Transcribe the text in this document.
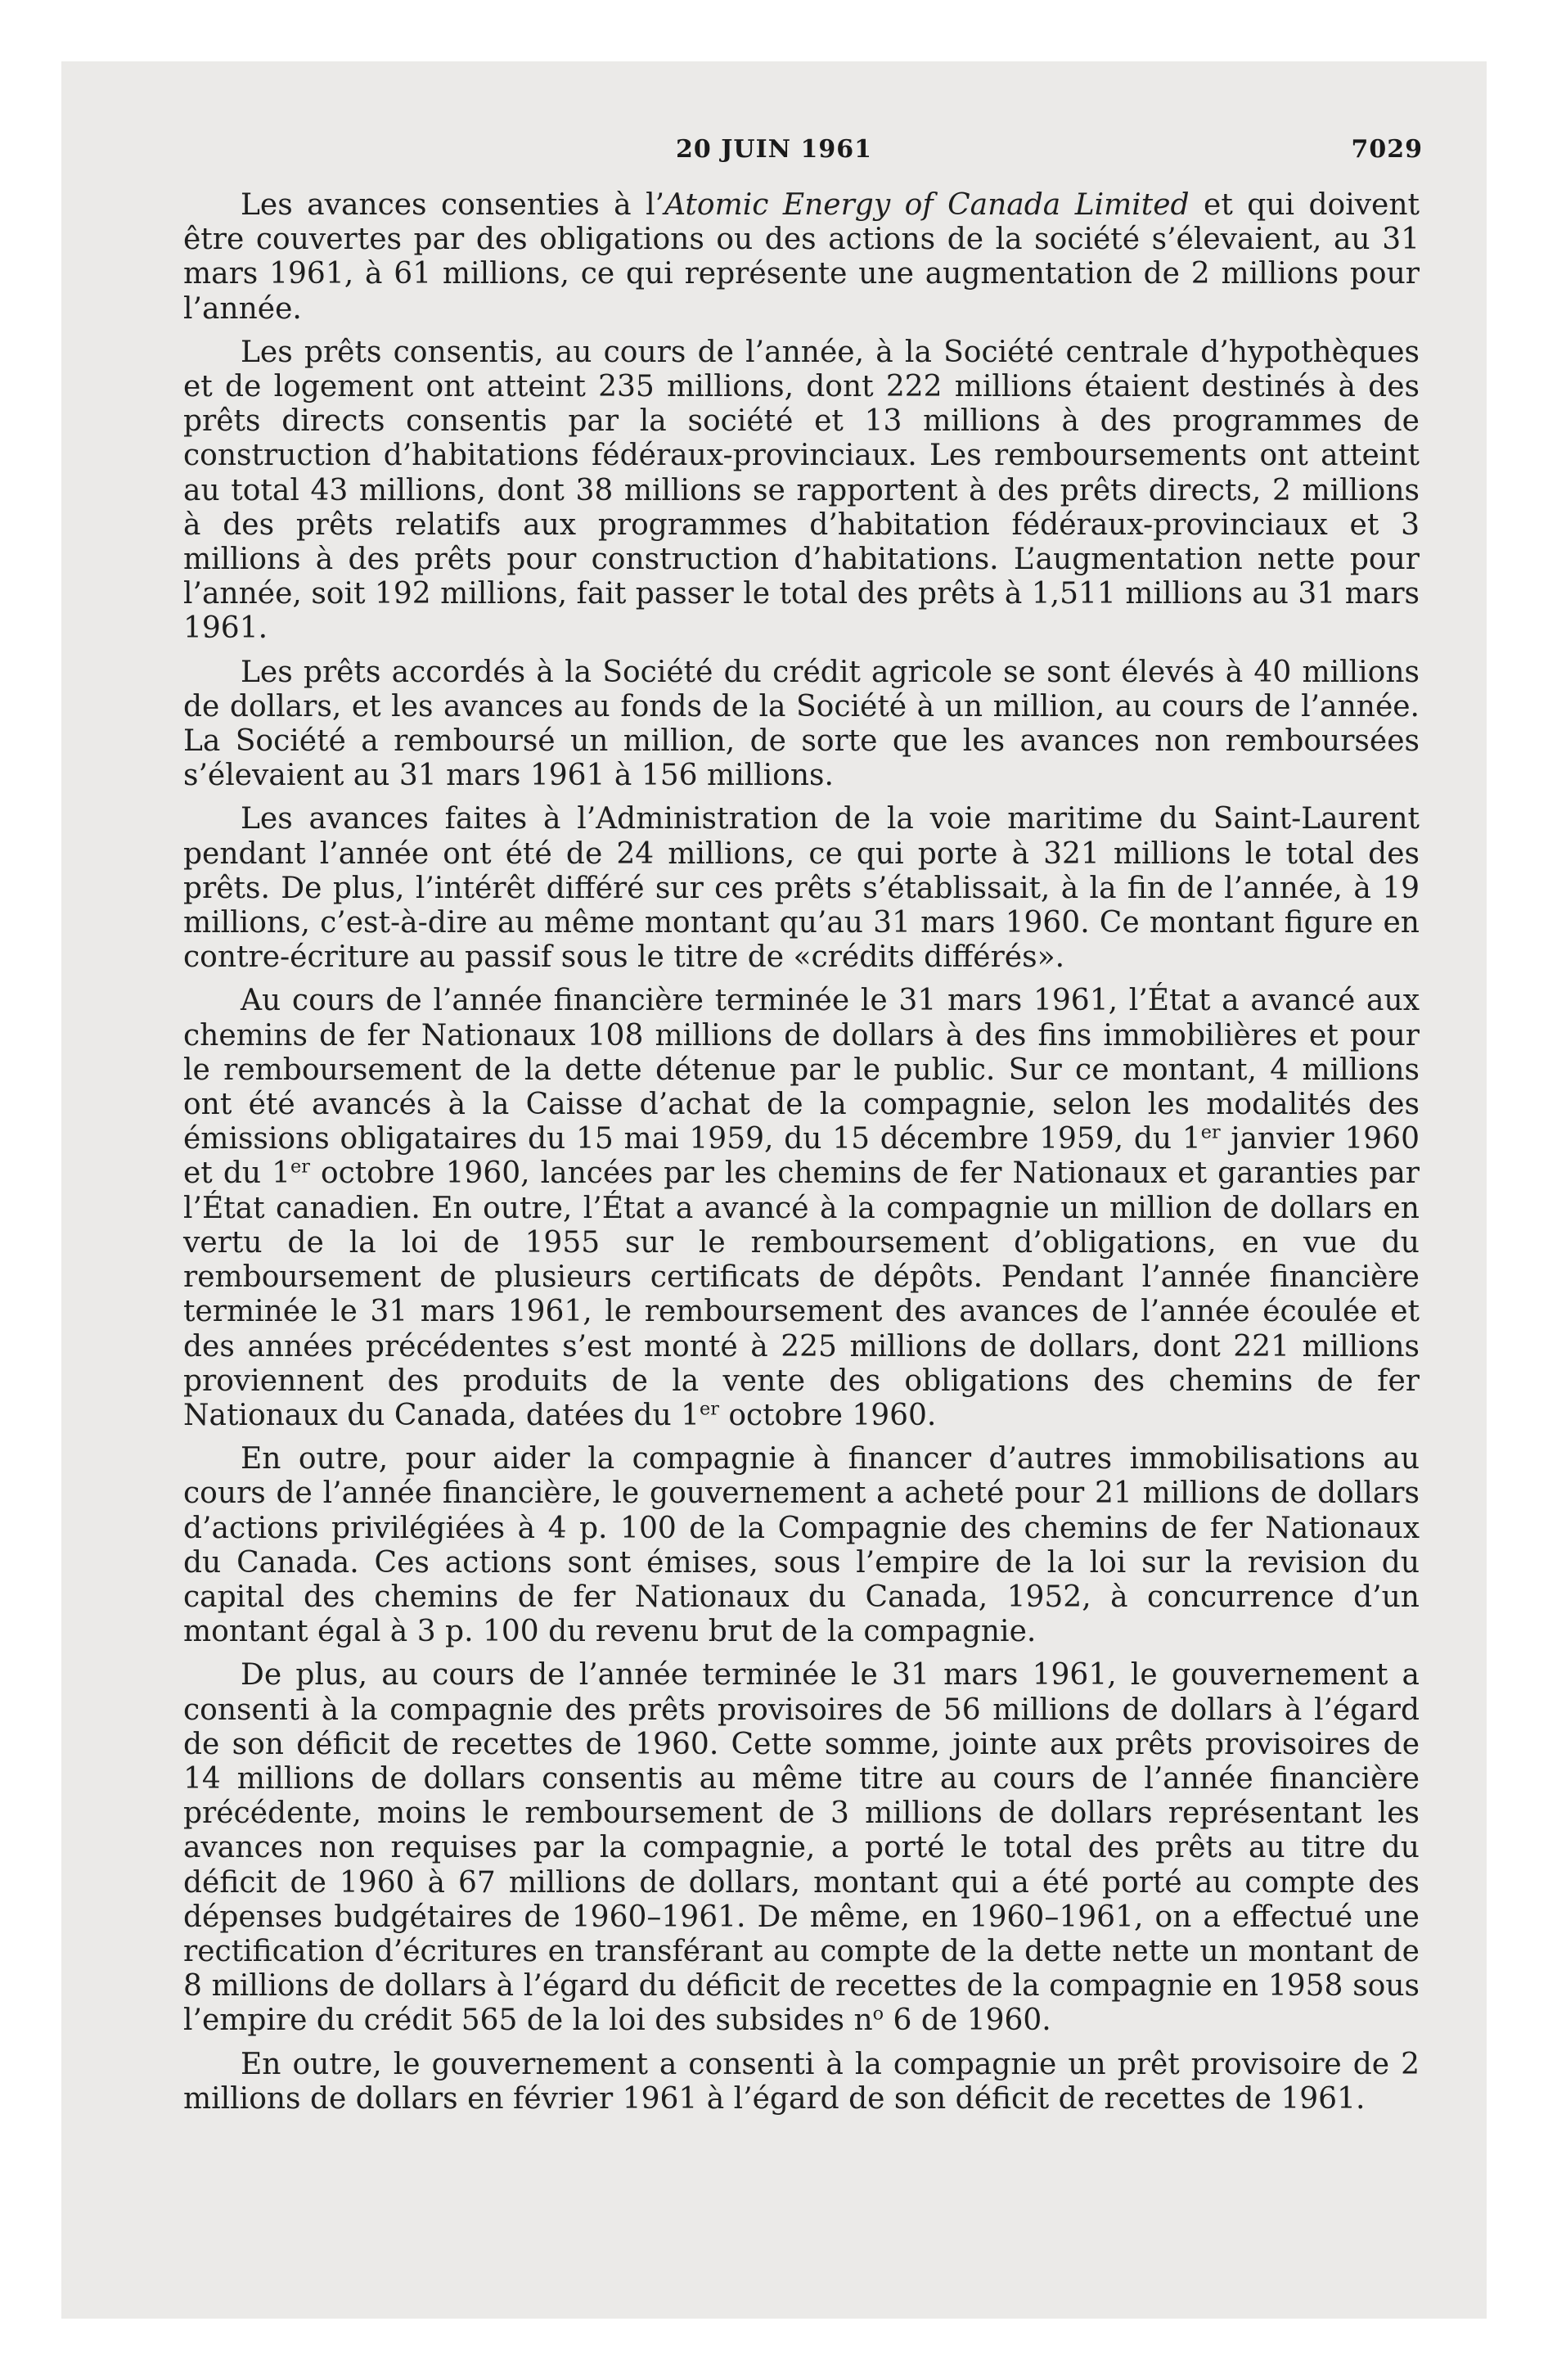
20 JUIN 1961	7029

Les avances consenties à l’Atomic Energy of Canada Limited et qui doivent être couvertes par des obligations ou des actions de la société s’élevaient, au 31 mars 1961, à 61 millions, ce qui représente une augmentation de 2 millions pour l’année.

Les prêts consentis, au cours de l’année, à la Société centrale d’hypothèques et de logement ont atteint 235 millions, dont 222 millions étaient destinés à des prêts directs consentis par la société et 13 millions à des programmes de construction d’habitations fédéraux-provinciaux. Les remboursements ont atteint au total 43 millions, dont 38 millions se rapportent à des prêts directs, 2 millions à des prêts relatifs aux programmes d’habitation fédéraux-provinciaux et 3 millions à des prêts pour construction d’habitations. L’augmentation nette pour l’année, soit 192 millions, fait passer le total des prêts à 1,511 millions au 31 mars 1961.

Les prêts accordés à la Société du crédit agricole se sont élevés à 40 millions de dollars, et les avances au fonds de la Société à un million, au cours de l’année. La Société a remboursé un million, de sorte que les avances non remboursées s’élevaient au 31 mars 1961 à 156 millions.

Les avances faites à l’Administration de la voie maritime du Saint-Laurent pendant l’année ont été de 24 millions, ce qui porte à 321 millions le total des prêts. De plus, l’intérêt différé sur ces prêts s’établissait, à la fin de l’année, à 19 millions, c’est-à-dire au même montant qu’au 31 mars 1960. Ce montant figure en contre-écriture au passif sous le titre de «crédits différés».

Au cours de l’année financière terminée le 31 mars 1961, l’État a avancé aux chemins de fer Nationaux 108 millions de dollars à des fins immobilières et pour le remboursement de la dette détenue par le public. Sur ce montant, 4 millions ont été avancés à la Caisse d’achat de la compagnie, selon les modalités des émissions obligataires du 15 mai 1959, du 15 décembre 1959, du 1er janvier 1960 et du 1er octobre 1960, lancées par les chemins de fer Nationaux et garanties par l’État canadien. En outre, l’État a avancé à la compagnie un million de dollars en vertu de la loi de 1955 sur le remboursement d’obligations, en vue du remboursement de plusieurs certificats de dépôts. Pendant l’année financière terminée le 31 mars 1961, le remboursement des avances de l’année écoulée et des années précédentes s’est monté à 225 millions de dollars, dont 221 millions proviennent des produits de la vente des obligations des chemins de fer Nationaux du Canada, datées du 1er octobre 1960.

En outre, pour aider la compagnie à financer d’autres immobilisations au cours de l’année financière, le gouvernement a acheté pour 21 millions de dollars d’actions privilégiées à 4 p. 100 de la Compagnie des chemins de fer Nationaux du Canada. Ces actions sont émises, sous l’empire de la loi sur la revision du capital des chemins de fer Nationaux du Canada, 1952, à concurrence d’un montant égal à 3 p. 100 du revenu brut de la compagnie.

De plus, au cours de l’année terminée le 31 mars 1961, le gouvernement a consenti à la compagnie des prêts provisoires de 56 millions de dollars à l’égard de son déficit de recettes de 1960. Cette somme, jointe aux prêts provisoires de 14 millions de dollars consentis au même titre au cours de l’année financière précédente, moins le remboursement de 3 millions de dollars représentant les avances non requises par la compagnie, a porté le total des prêts au titre du déficit de 1960 à 67 millions de dollars, montant qui a été porté au compte des dépenses budgétaires de 1960–1961. De même, en 1960–1961, on a effectué une rectification d’écritures en transférant au compte de la dette nette un montant de 8 millions de dollars à l’égard du déficit de recettes de la compagnie en 1958 sous l’empire du crédit 565 de la loi des subsides $n^o$ 6 de 1960.

En outre, le gouvernement a consenti à la compagnie un prêt provisoire de 2 millions de dollars en février 1961 à l’égard de son déficit de recettes de 1961.
